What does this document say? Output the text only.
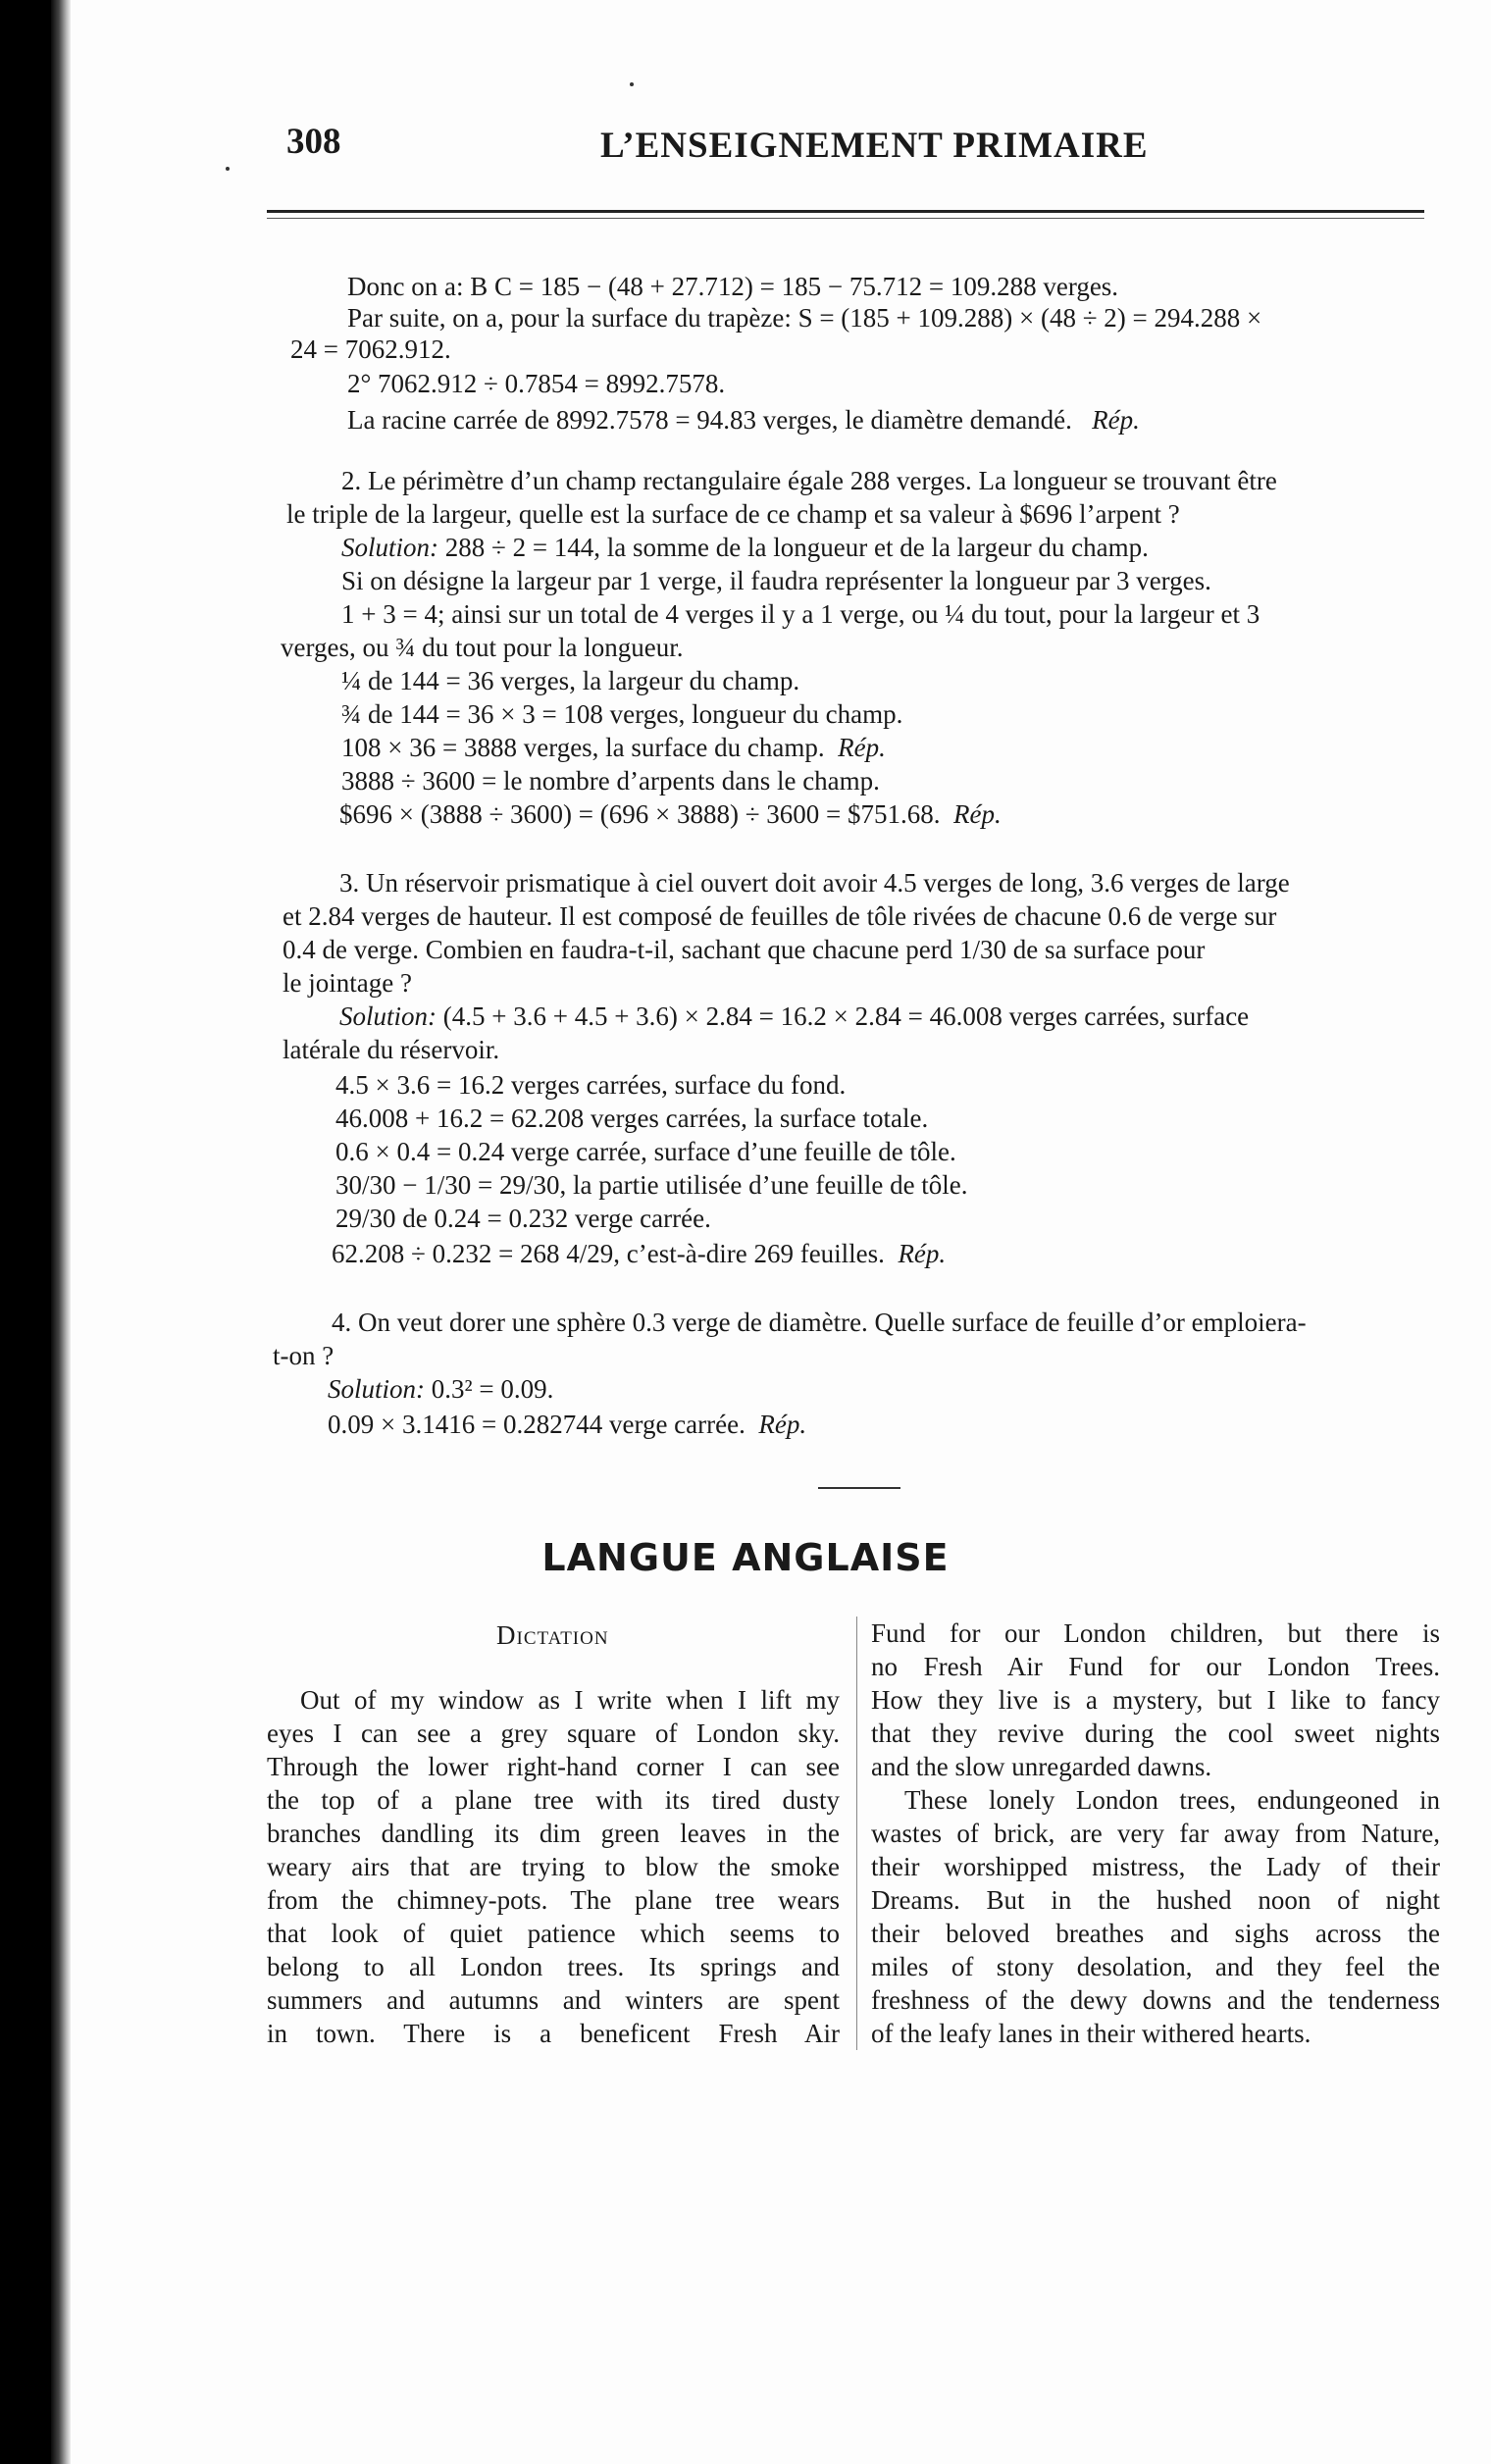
308	L’ENSEIGNEMENT PRIMAIRE
Donc on a: B C = 185 − (48 + 27.712) = 185 − 75.712 = 109.288 verges.
Par suite, on a, pour la surface du trapèze: S = (185 + 109.288) × (48 ÷ 2) = 294.288 ×
24 = 7062.912.
2° 7062.912 ÷ 0.7854 = 8992.7578.
La racine carrée de 8992.7578 = 94.83 verges, le diamètre demandé. Rép.
2. Le périmètre d’un champ rectangulaire égale 288 verges. La longueur se trouvant être
le triple de la largeur, quelle est la surface de ce champ et sa valeur à $696 l’arpent ?
Solution: 288 ÷ 2 = 144, la somme de la longueur et de la largeur du champ.
Si on désigne la largeur par 1 verge, il faudra représenter la longueur par 3 verges.
1 + 3 = 4; ainsi sur un total de 4 verges il y a 1 verge, ou ¼ du tout, pour la largeur et 3
verges, ou ¾ du tout pour la longueur.
¼ de 144 = 36 verges, la largeur du champ.
¾ de 144 = 36 × 3 = 108 verges, longueur du champ.
108 × 36 = 3888 verges, la surface du champ. Rép.
3888 ÷ 3600 = le nombre d’arpents dans le champ.
$696 × (3888 ÷ 3600) = (696 × 3888) ÷ 3600 = $751.68. Rép.
3. Un réservoir prismatique à ciel ouvert doit avoir 4.5 verges de long, 3.6 verges de large
et 2.84 verges de hauteur. Il est composé de feuilles de tôle rivées de chacune 0.6 de verge sur
0.4 de verge. Combien en faudra-t-il, sachant que chacune perd 1/30 de sa surface pour
le jointage ?
Solution: (4.5 + 3.6 + 4.5 + 3.6) × 2.84 = 16.2 × 2.84 = 46.008 verges carrées, surface
latérale du réservoir.
4.5 × 3.6 = 16.2 verges carrées, surface du fond.
46.008 + 16.2 = 62.208 verges carrées, la surface totale.
0.6 × 0.4 = 0.24 verge carrée, surface d’une feuille de tôle.
30/30 − 1/30 = 29/30, la partie utilisée d’une feuille de tôle.
29/30 de 0.24 = 0.232 verge carrée.
62.208 ÷ 0.232 = 268 4/29, c’est-à-dire 269 feuilles. Rép.
4. On veut dorer une sphère 0.3 verge de diamètre. Quelle surface de feuille d’or emploiera-
t-on ?
Solution: 0.3² = 0.09.
0.09 × 3.1416 = 0.282744 verge carrée. Rép.
LANGUE ANGLAISE
Dictation
Out of my window as I write when I lift my
eyes I can see a grey square of London sky.
Through the lower right-hand corner I can see
the top of a plane tree with its tired dusty
branches dandling its dim green leaves in the
weary airs that are trying to blow the smoke
from the chimney-pots. The plane tree wears
that look of quiet patience which seems to
belong to all London trees. Its springs and
summers and autumns and winters are spent
in town. There is a beneficent Fresh Air
Fund for our London children, but there is
no Fresh Air Fund for our London Trees.
How they live is a mystery, but I like to fancy
that they revive during the cool sweet nights
and the slow unregarded dawns.
These lonely London trees, endungeoned in
wastes of brick, are very far away from Nature,
their worshipped mistress, the Lady of their
Dreams. But in the hushed noon of night
their beloved breathes and sighs across the
miles of stony desolation, and they feel the
freshness of the dewy downs and the tenderness
of the leafy lanes in their withered hearts.
